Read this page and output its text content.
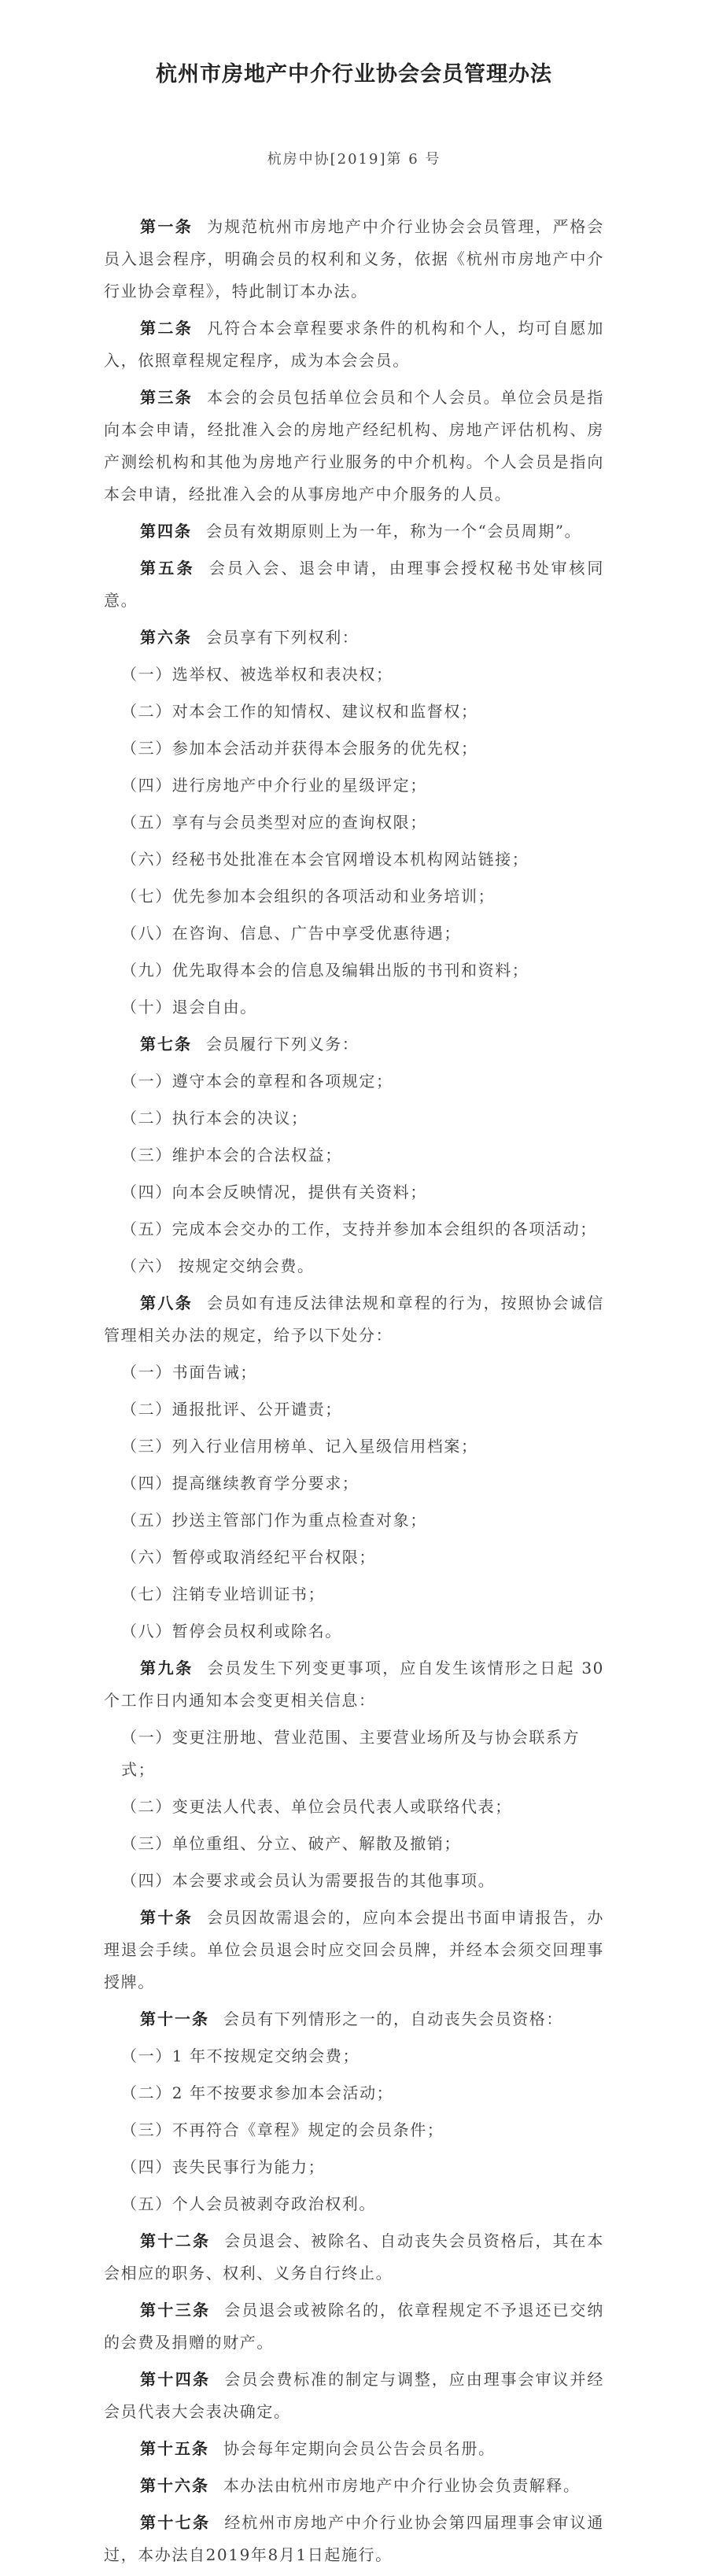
杭州市房地产中介行业协会会员管理办法
杭房中协[2019]第 6 号

第一条 为规范杭州市房地产中介行业协会会员管理，严格会员入退会程序，明确会员的权利和义务，依据《杭州市房地产中介行业协会章程》，特此制订本办法。

第二条 凡符合本会章程要求条件的机构和个人，均可自愿加入，依照章程规定程序，成为本会会员。

第三条 本会的会员包括单位会员和个人会员。单位会员是指向本会申请，经批准入会的房地产经纪机构、房地产评估机构、房产测绘机构和其他为房地产行业服务的中介机构。个人会员是指向本会申请，经批准入会的从事房地产中介服务的人员。

第四条 会员有效期原则上为一年，称为一个“会员周期”。

第五条 会员入会、退会申请，由理事会授权秘书处审核同意。

第六条 会员享有下列权利：

（一）选举权、被选举权和表决权；
（二）对本会工作的知情权、建议权和监督权；
（三）参加本会活动并获得本会服务的优先权；
（四）进行房地产中介行业的星级评定；
（五）享有与会员类型对应的查询权限；
（六）经秘书处批准在本会官网增设本机构网站链接；
（七）优先参加本会组织的各项活动和业务培训；
（八）在咨询、信息、广告中享受优惠待遇；
（九）优先取得本会的信息及编辑出版的书刊和资料；
（十）退会自由。

第七条 会员履行下列义务：

（一）遵守本会的章程和各项规定；
（二）执行本会的决议；
（三）维护本会的合法权益；
（四）向本会反映情况，提供有关资料；
（五）完成本会交办的工作，支持并参加本会组织的各项活动；
（六） 按规定交纳会费。

第八条 会员如有违反法律法规和章程的行为，按照协会诚信管理相关办法的规定，给予以下处分：

（一）书面告诫；
（二）通报批评、公开谴责；
（三）列入行业信用榜单、记入星级信用档案；
（四）提高继续教育学分要求；
（五）抄送主管部门作为重点检查对象；
（六）暂停或取消经纪平台权限；
（七）注销专业培训证书；
（八）暂停会员权利或除名。

第九条 会员发生下列变更事项，应自发生该情形之日起 30 个工作日内通知本会变更相关信息：

（一）变更注册地、营业范围、主要营业场所及与协会联系方式；
（二）变更法人代表、单位会员代表人或联络代表；
（三）单位重组、分立、破产、解散及撤销；
（四）本会要求或会员认为需要报告的其他事项。

第十条 会员因故需退会的，应向本会提出书面申请报告，办理退会手续。单位会员退会时应交回会员牌，并经本会须交回理事授牌。

第十一条 会员有下列情形之一的，自动丧失会员资格：

（一）1 年不按规定交纳会费；
（二）2 年不按要求参加本会活动；
（三）不再符合《章程》规定的会员条件；
（四）丧失民事行为能力；
（五）个人会员被剥夺政治权利。

第十二条 会员退会、被除名、自动丧失会员资格后，其在本会相应的职务、权利、义务自行终止。

第十三条 会员退会或被除名的，依章程规定不予退还已交纳的会费及捐赠的财产。

第十四条 会员会费标准的制定与调整，应由理事会审议并经会员代表大会表决确定。

第十五条 协会每年定期向会员公告会员名册。

第十六条 本办法由杭州市房地产中介行业协会负责解释。

第十七条 经杭州市房地产中介行业协会第四届理事会审议通过，本办法自2019年8月1日起施行。
